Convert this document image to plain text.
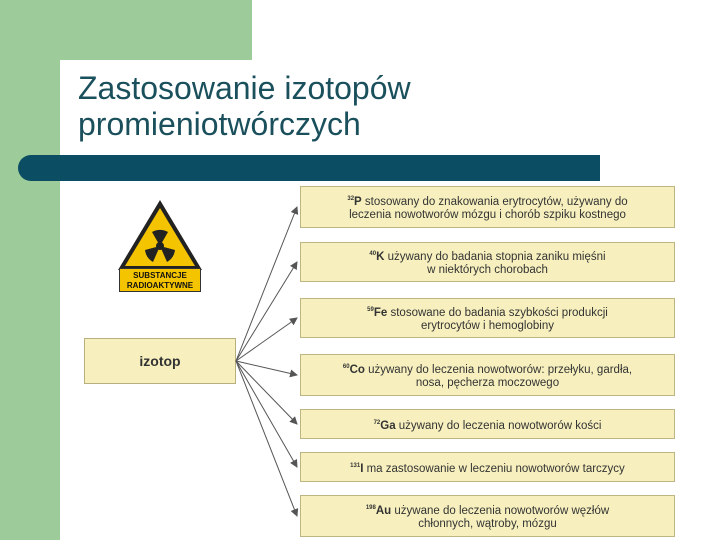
Zastosowanie izotopów
promieniotwórczych
SUBSTANCJE
RADIOAKTYWNE
izotop
$^{32}$P stosowany do znakowania erytrocytów, używany do
leczenia nowotworów mózgu i chorób szpiku kostnego
$^{40}$K używany do badania stopnia zaniku mięśni
w niektórych chorobach
$^{59}$Fe stosowane do badania szybkości produkcji
erytrocytów i hemoglobiny
$^{60}$Co używany do leczenia nowotworów: przełyku, gardła,
nosa, pęcherza moczowego
$^{72}$Ga używany do leczenia nowotworów kości
$^{131}$I ma zastosowanie w leczeniu nowotworów tarczycy
$^{198}$Au używane do leczenia nowotworów węzłów
chłonnych, wątroby, mózgu
